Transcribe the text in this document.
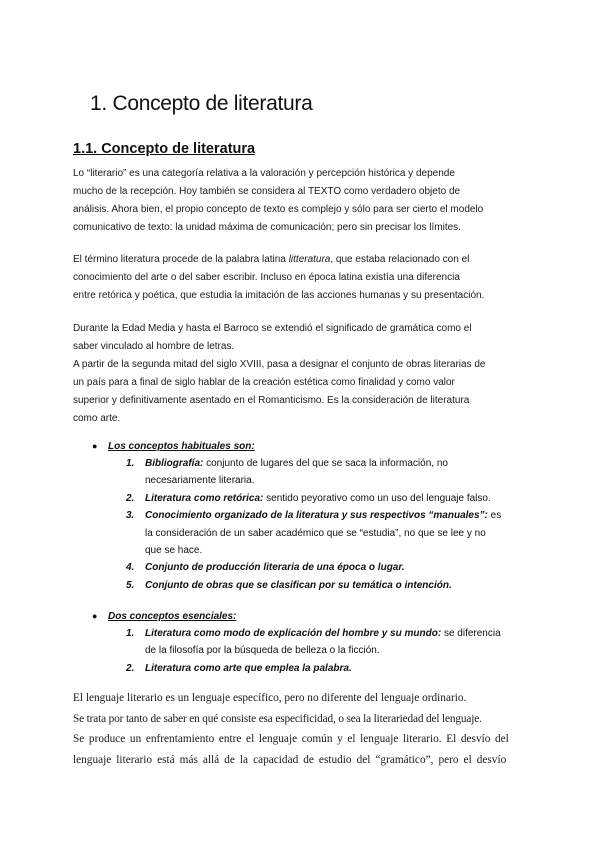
1. Concepto de literatura
1.1. Concepto de literatura
Lo “literario” es una categoría relativa a la valoración y percepción histórica y depende
mucho de la recepción. Hoy también se considera al TEXTO como verdadero objeto de
análisis. Ahora bien, el propio concepto de texto es complejo y sólo para ser cierto el modelo
comunicativo de texto: la unidad máxima de comunicación; pero sin precisar los límites.
El término literatura procede de la palabra latina litteratura, que estaba relacionado con el
conocimiento del arte o del saber escribir. Incluso en época latina existía una diferencia
entre retórica y poética, que estudia la imitación de las acciones humanas y su presentación.
Durante la Edad Media y hasta el Barroco se extendió el significado de gramática como el
saber vinculado al hombre de letras.
A partir de la segunda mitad del siglo XVIII, pasa a designar el conjunto de obras literarias de
un país para a final de siglo hablar de la creación estética como finalidad y como valor
superior y definitivamente asentado en el Romanticismo. Es la consideración de literatura
como arte.
● Los conceptos habituales son:
1. Bibliografía: conjunto de lugares del que se saca la información, no
necesariamente literaria.
2. Literatura como retórica: sentido peyorativo como un uso del lenguaje falso.
3. Conocimiento organizado de la literatura y sus respectivos “manuales”: es
la consideración de un saber académico que se “estudia”, no que se lee y no
que se hace.
4. Conjunto de producción literaria de una época o lugar.
5. Conjunto de obras que se clasifican por su temática o intención.
● Dos conceptos esenciales:
1. Literatura como modo de explicación del hombre y su mundo: se diferencia
de la filosofía por la búsqueda de belleza o la ficción.
2. Literatura como arte que emplea la palabra.
El lenguaje literario es un lenguaje específico, pero no diferente del lenguaje ordinario.
Se trata por tanto de saber en qué consiste esa especificidad, o sea la literariedad del lenguaje.
Se produce un enfrentamiento entre el lenguaje común y el lenguaje literario. El desvío del
lenguaje literario está más allá de la capacidad de estudio del “gramático”, pero el desvío
